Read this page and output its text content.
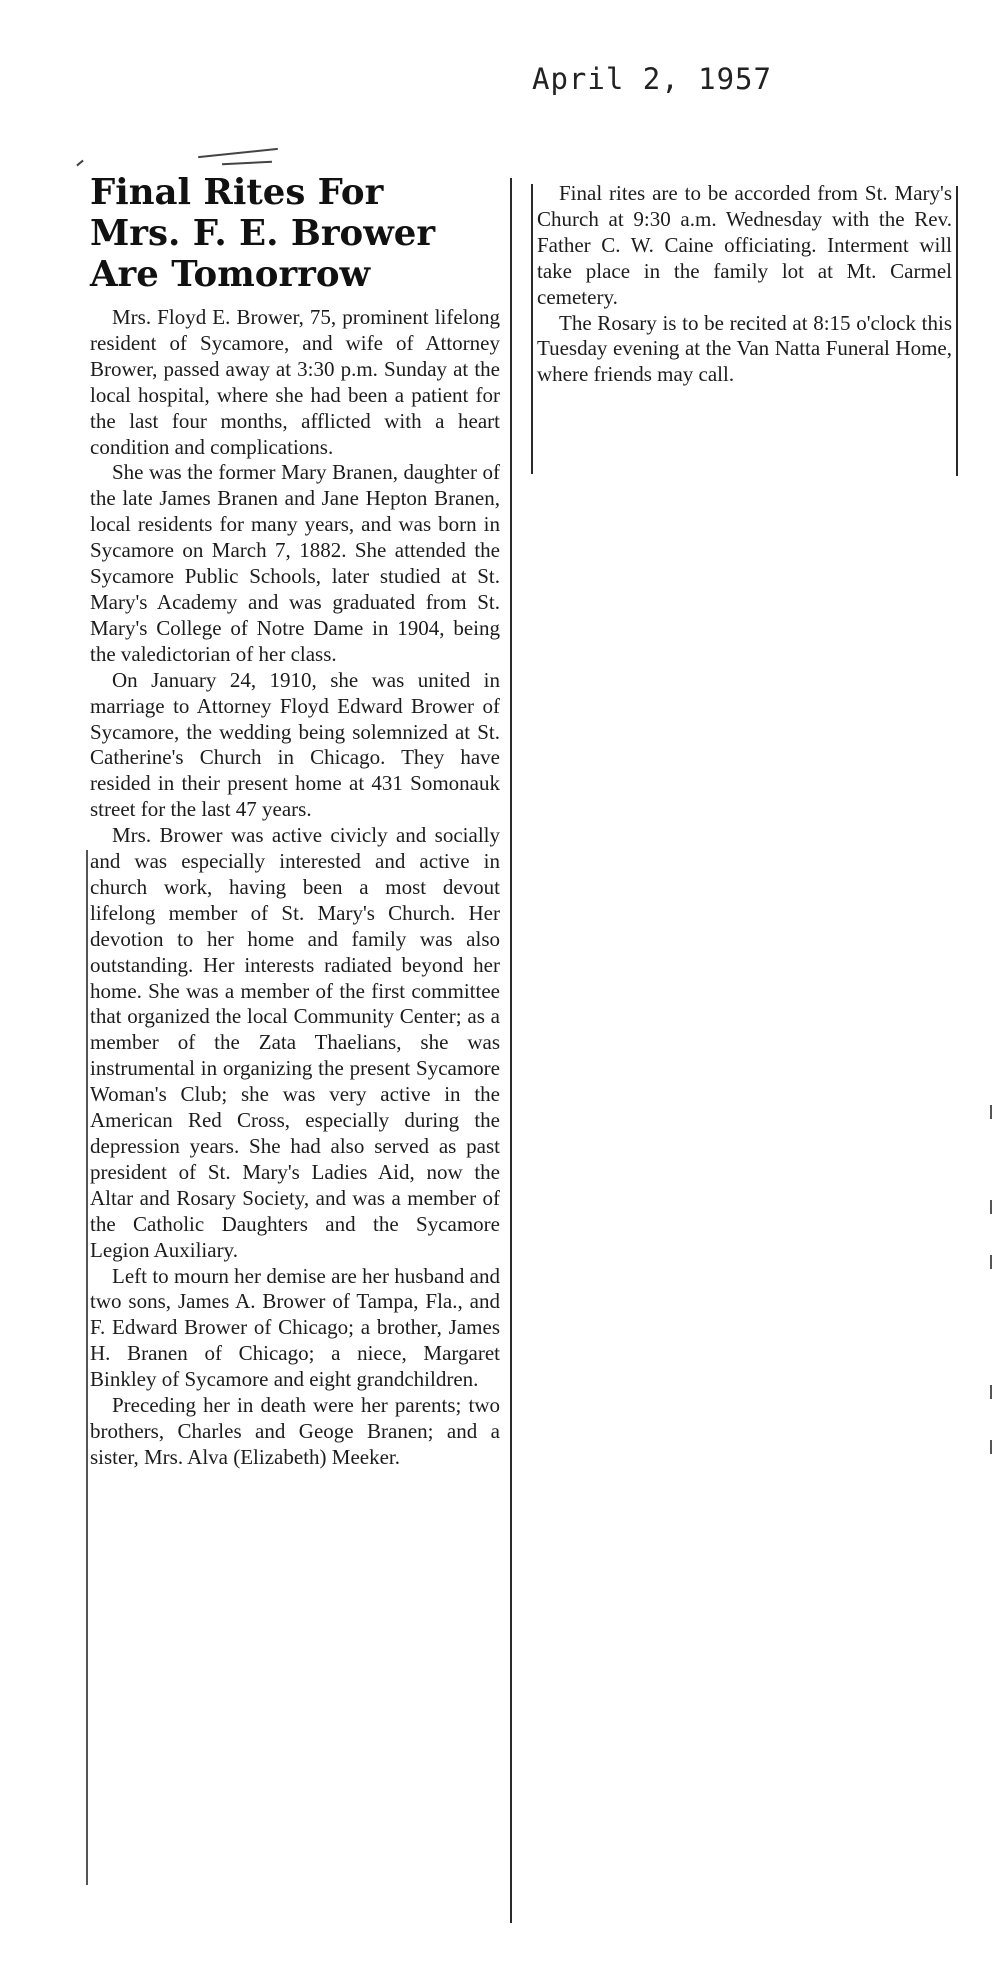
April 2, 1957
Final Rites For
Mrs. F. E. Brower
Are Tomorrow

Mrs. Floyd E. Brower, 75, prominent lifelong resident of Sycamore, and wife of Attorney Brower, passed away at 3:30 p.m. Sunday at the local hospital, where she had been a patient for the last four months, afflicted with a heart condition and complications.

She was the former Mary Branen, daughter of the late James Branen and Jane Hepton Branen, local residents for many years, and was born in Sycamore on March 7, 1882. She attended the Sycamore Public Schools, later studied at St. Mary's Academy and was graduated from St. Mary's College of Notre Dame in 1904, being the valedictorian of her class.

On January 24, 1910, she was united in marriage to Attorney Floyd Edward Brower of Sycamore, the wedding being solemnized at St. Catherine's Church in Chicago. They have resided in their present home at 431 Somonauk street for the last 47 years.

Mrs. Brower was active civicly and socially and was especially interested and active in church work, having been a most devout lifelong member of St. Mary's Church. Her devotion to her home and family was also outstanding. Her interests radiated beyond her home. She was a member of the first committee that organized the local Community Center; as a member of the Zata Thaelians, she was instrumental in organizing the present Sycamore Woman's Club; she was very active in the American Red Cross, especially during the depression years. She had also served as past president of St. Mary's Ladies Aid, now the Altar and Rosary Society, and was a member of the Catholic Daughters and the Sycamore Legion Auxiliary.

Left to mourn her demise are her husband and two sons, James A. Brower of Tampa, Fla., and F. Edward Brower of Chicago; a brother, James H. Branen of Chicago; a niece, Margaret Binkley of Sycamore and eight grandchildren.

Preceding her in death were her parents; two brothers, Charles and Geoge Branen; and a sister, Mrs. Alva (Elizabeth) Meeker.

Final rites are to be accorded from St. Mary's Church at 9:30 a.m. Wednesday with the Rev. Father C. W. Caine officiating. Interment will take place in the family lot at Mt. Carmel cemetery.

The Rosary is to be recited at 8:15 o'clock this Tuesday evening at the Van Natta Funeral Home, where friends may call.
